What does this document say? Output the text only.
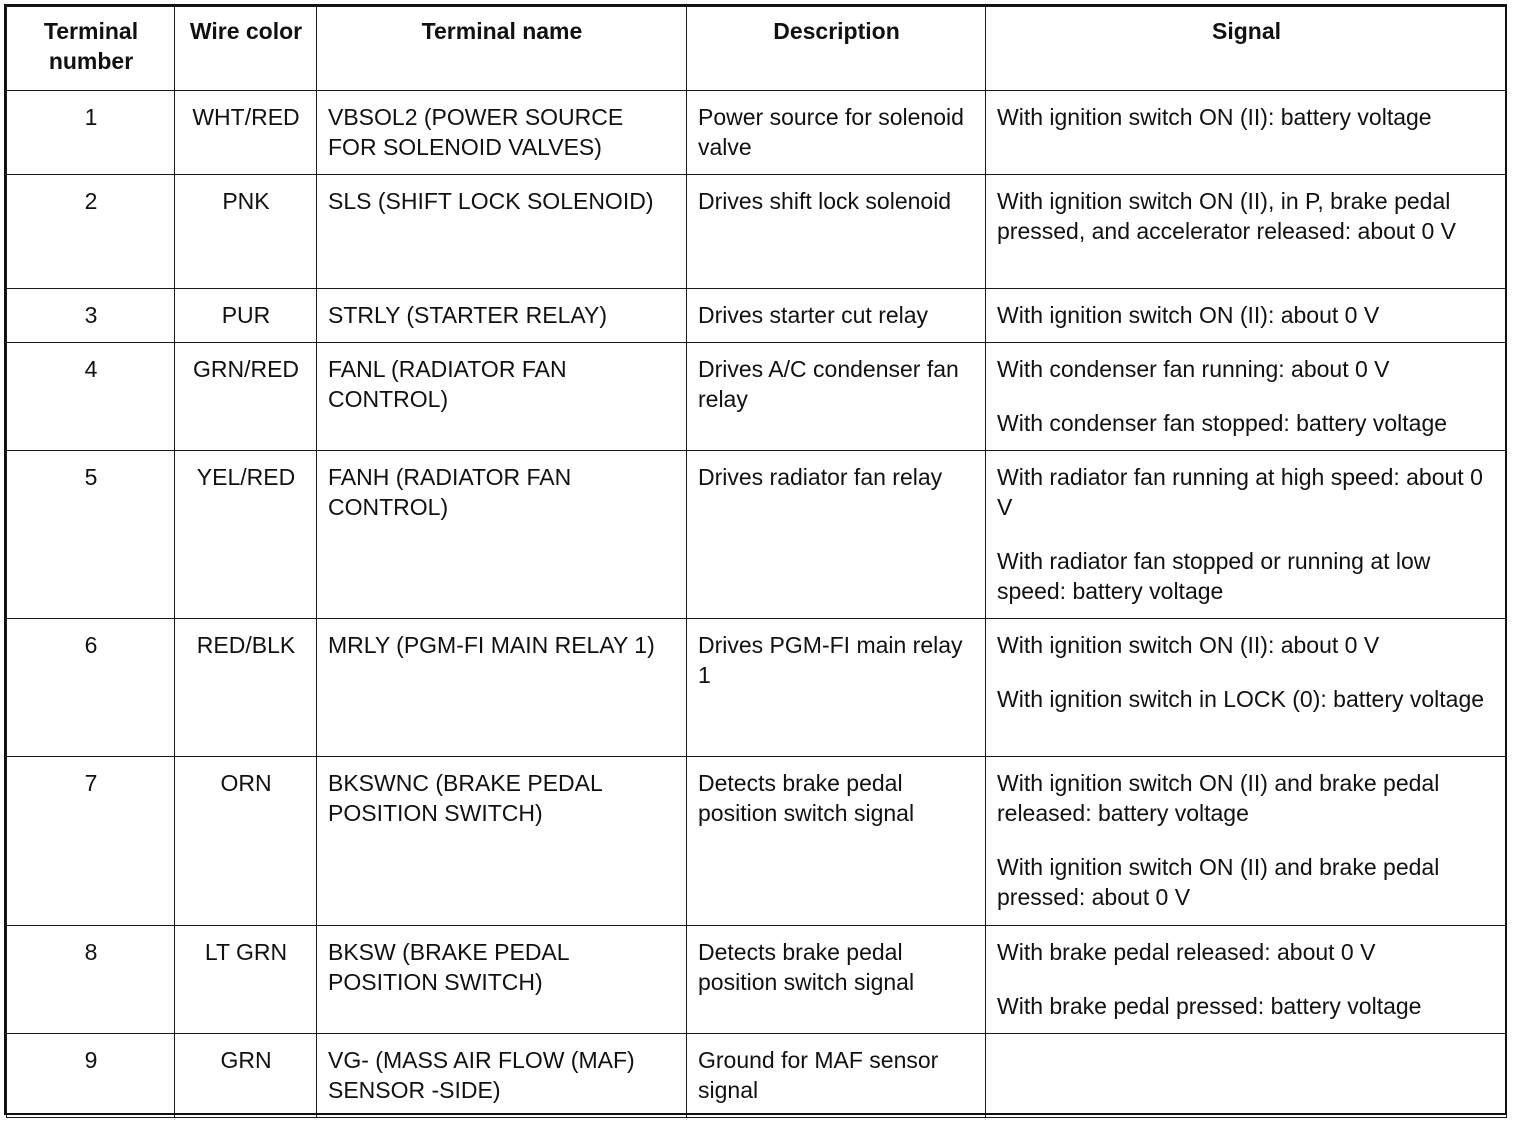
Terminal number	Wire color	Terminal name	Description	Signal
1	WHT/RED	VBSOL2 (POWER SOURCE FOR SOLENOID VALVES)	Power source for solenoid valve	With ignition switch ON (II): battery voltage

2	PNK	SLS (SHIFT LOCK SOLENOID)	Drives shift lock solenoid	With ignition switch ON (II), in P, brake pedal pressed, and accelerator released: about 0 V

3	PUR	STRLY (STARTER RELAY)	Drives starter cut relay	With ignition switch ON (II): about 0 V

4	GRN/RED	FANL (RADIATOR FAN CONTROL)	Drives A/C condenser fan relay	With condenser fan running: about 0 V
With condenser fan stopped: battery voltage

5	YEL/RED	FANH (RADIATOR FAN CONTROL)	Drives radiator fan relay	With radiator fan running at high speed: about 0 V
With radiator fan stopped or running at low speed: battery voltage

6	RED/BLK	MRLY (PGM-FI MAIN RELAY 1)	Drives PGM-FI main relay 1	With ignition switch ON (II): about 0 V
With ignition switch in LOCK (0): battery voltage

7	ORN	BKSWNC (BRAKE PEDAL POSITION SWITCH)	Detects brake pedal position switch signal	With ignition switch ON (II) and brake pedal released: battery voltage
With ignition switch ON (II) and brake pedal pressed: about 0 V

8	LT GRN	BKSW (BRAKE PEDAL POSITION SWITCH)	Detects brake pedal position switch signal	With brake pedal released: about 0 V
With brake pedal pressed: battery voltage

9	GRN	VG- (MASS AIR FLOW (MAF) SENSOR -SIDE)	Ground for MAF sensor signal	
